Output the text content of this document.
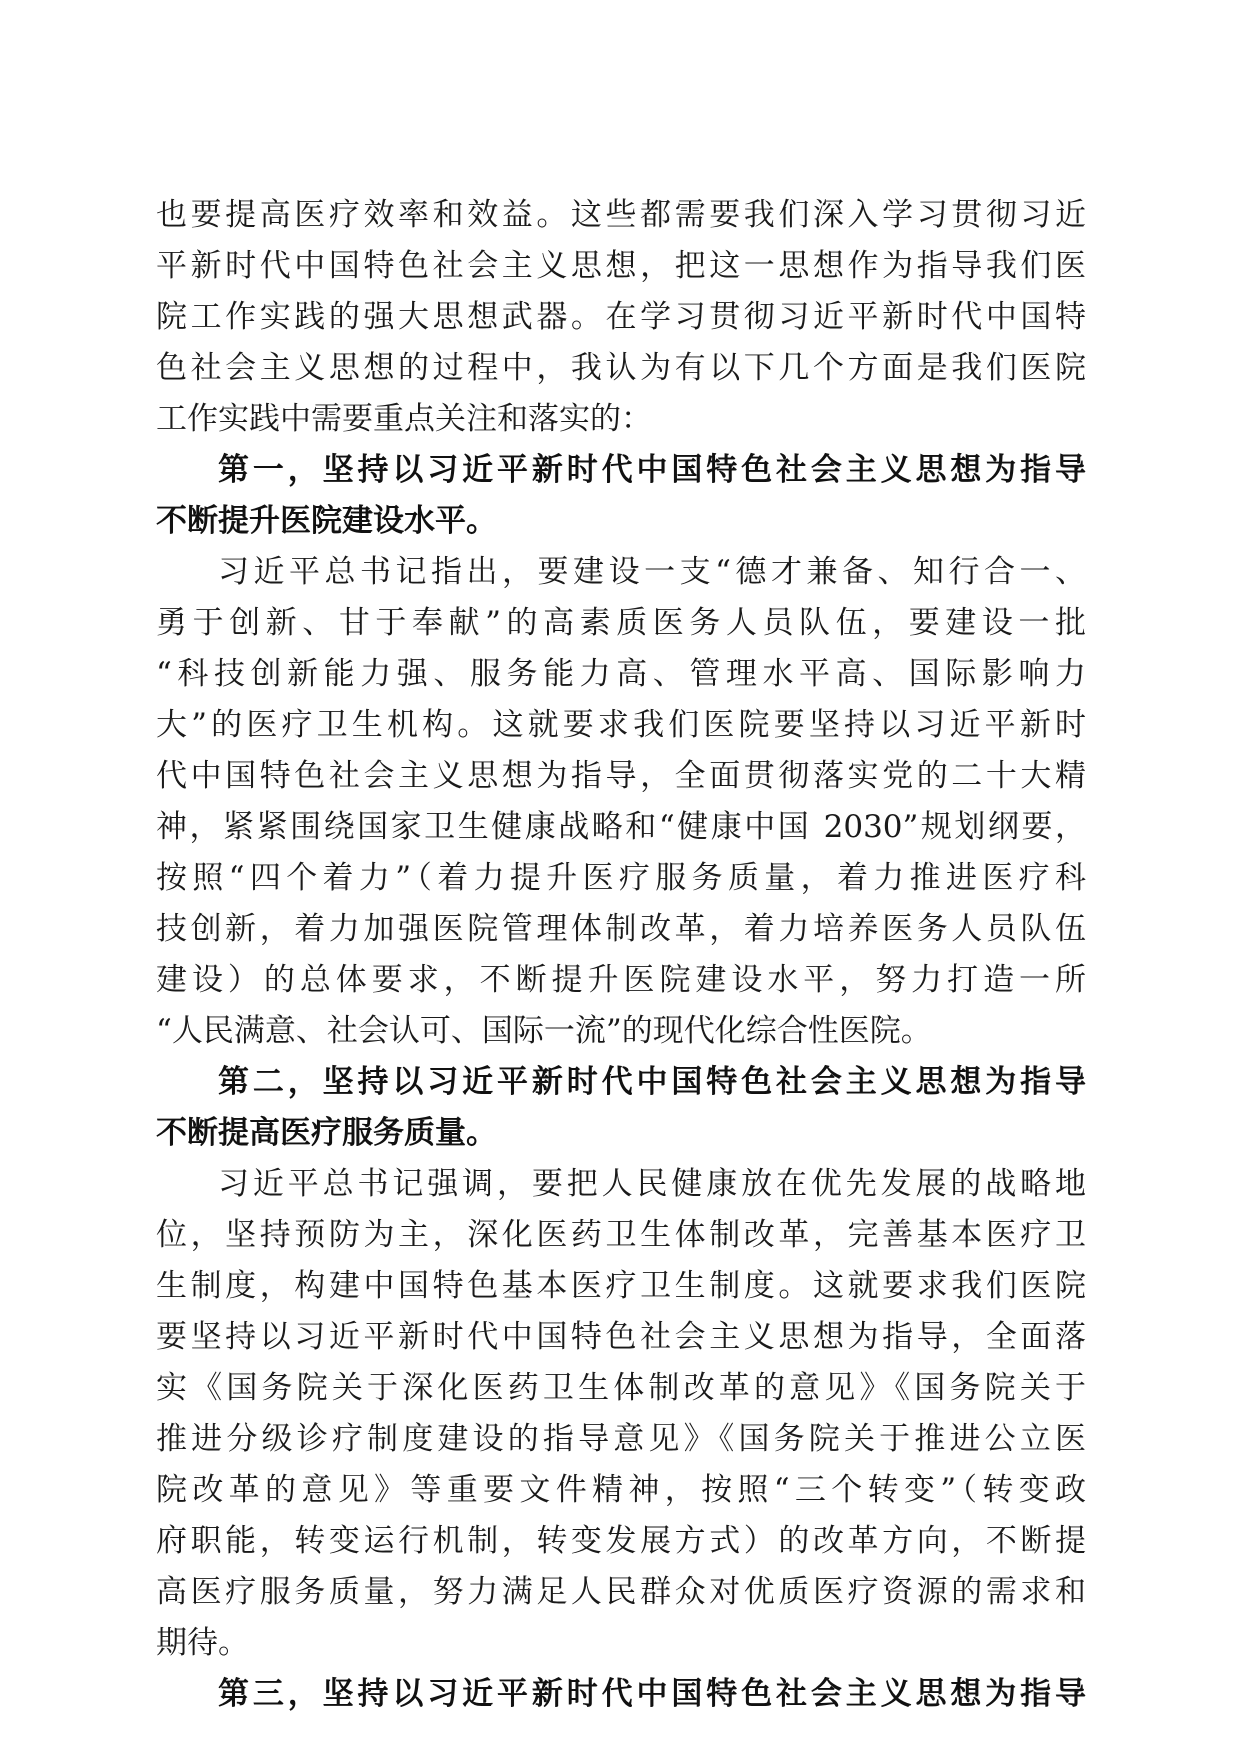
也要提高医疗效率和效益。这些都需要我们深入学习贯彻习近
平新时代中国特色社会主义思想，把这一思想作为指导我们医
院工作实践的强大思想武器。在学习贯彻习近平新时代中国特
色社会主义思想的过程中，我认为有以下几个方面是我们医院
工作实践中需要重点关注和落实的：
第一，坚持以习近平新时代中国特色社会主义思想为指导
不断提升医院建设水平。
习近平总书记指出，要建设一支“德才兼备、知行合一、
勇于创新、甘于奉献”的高素质医务人员队伍，要建设一批
“科技创新能力强、服务能力高、管理水平高、国际影响力
大”的医疗卫生机构。这就要求我们医院要坚持以习近平新时
代中国特色社会主义思想为指导，全面贯彻落实党的二十大精
神，紧紧围绕国家卫生健康战略和“健康中国 2030”规划纲要，
按照“四个着力”（着力提升医疗服务质量，着力推进医疗科
技创新，着力加强医院管理体制改革，着力培养医务人员队伍
建设）的总体要求，不断提升医院建设水平，努力打造一所
“人民满意、社会认可、国际一流”的现代化综合性医院。
第二，坚持以习近平新时代中国特色社会主义思想为指导
不断提高医疗服务质量。
习近平总书记强调，要把人民健康放在优先发展的战略地
位，坚持预防为主，深化医药卫生体制改革，完善基本医疗卫
生制度，构建中国特色基本医疗卫生制度。这就要求我们医院
要坚持以习近平新时代中国特色社会主义思想为指导，全面落
实《国务院关于深化医药卫生体制改革的意见》《国务院关于
推进分级诊疗制度建设的指导意见》《国务院关于推进公立医
院改革的意见》等重要文件精神，按照“三个转变”（转变政
府职能，转变运行机制，转变发展方式）的改革方向，不断提
高医疗服务质量，努力满足人民群众对优质医疗资源的需求和
期待。
第三，坚持以习近平新时代中国特色社会主义思想为指导
